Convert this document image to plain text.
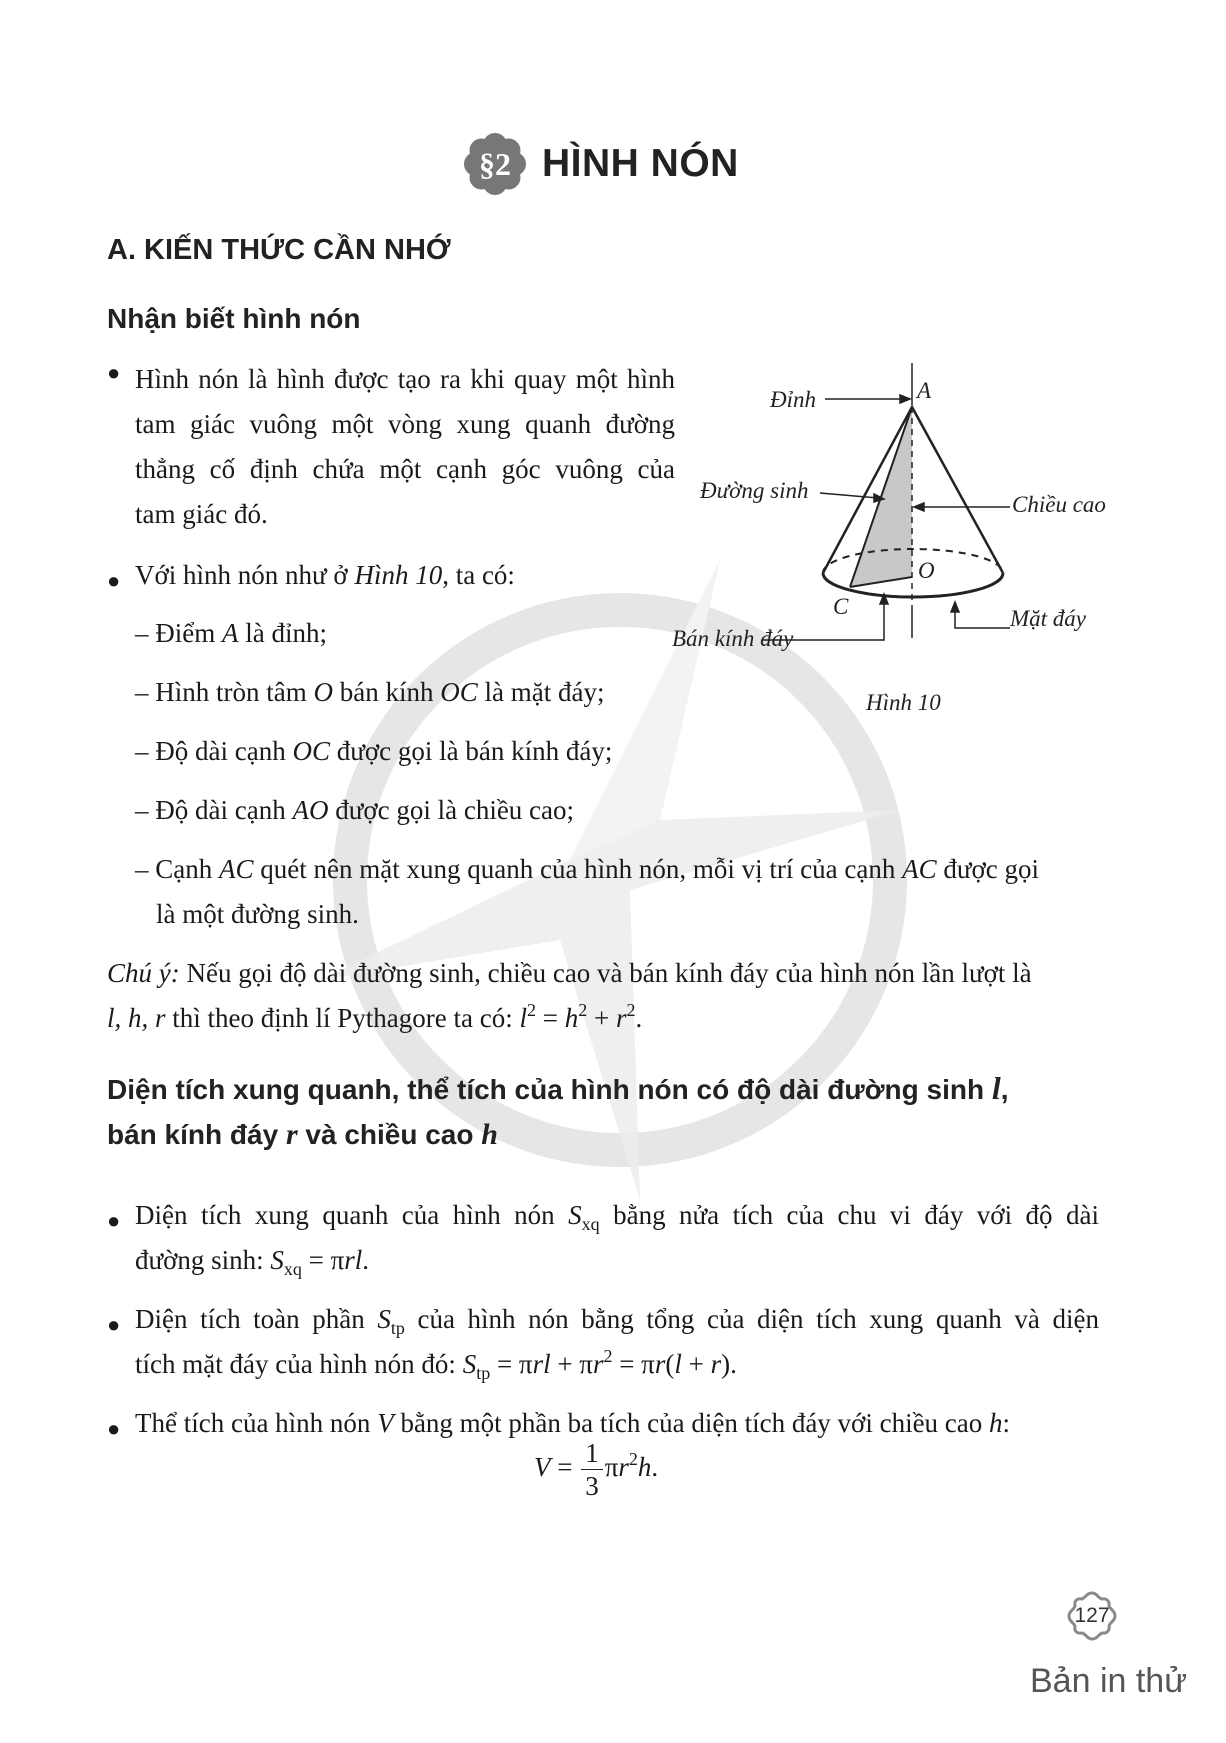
§2 HÌNH NÓN
A. KIẾN THỨC CẦN NHỚ
Nhận biết hình nón
● Hình nón là hình được tạo ra khi quay một hình
tam giác vuông một vòng xung quanh đường
thẳng cố định chứa một cạnh góc vuông của
tam giác đó.
● Với hình nón như ở Hình 10, ta có:
– Điểm A là đỉnh;
– Hình tròn tâm O bán kính OC là mặt đáy;
– Độ dài cạnh OC được gọi là bán kính đáy;
– Độ dài cạnh AO được gọi là chiều cao;
– Cạnh AC quét nên mặt xung quanh của hình nón, mỗi vị trí của cạnh AC được gọi
là một đường sinh.
Chú ý: Nếu gọi độ dài đường sinh, chiều cao và bán kính đáy của hình nón lần lượt là
l, h, r thì theo định lí Pythagore ta có: $l^2 = h^2 + r^2$.
Đỉnh
Đường sinh
Chiều cao
Mặt đáy
Bán kính đáy
A
O
C
Hình 10
Diện tích xung quanh, thể tích của hình nón có độ dài đường sinh l,
bán kính đáy r và chiều cao h
● Diện tích xung quanh của hình nón $S_{xq}$ bằng nửa tích của chu vi đáy với độ dài
đường sinh: $S_{xq} = \pi rl$.
● Diện tích toàn phần $S_{tp}$ của hình nón bằng tổng của diện tích xung quanh và diện
tích mặt đáy của hình nón đó: $S_{tp} = \pi rl + \pi r^2 = \pi r(l + r)$.
● Thể tích của hình nón V bằng một phần ba tích của diện tích đáy với chiều cao h:
$V = \frac{1}{3} \pi r^2h$.
127
Bản in thử
